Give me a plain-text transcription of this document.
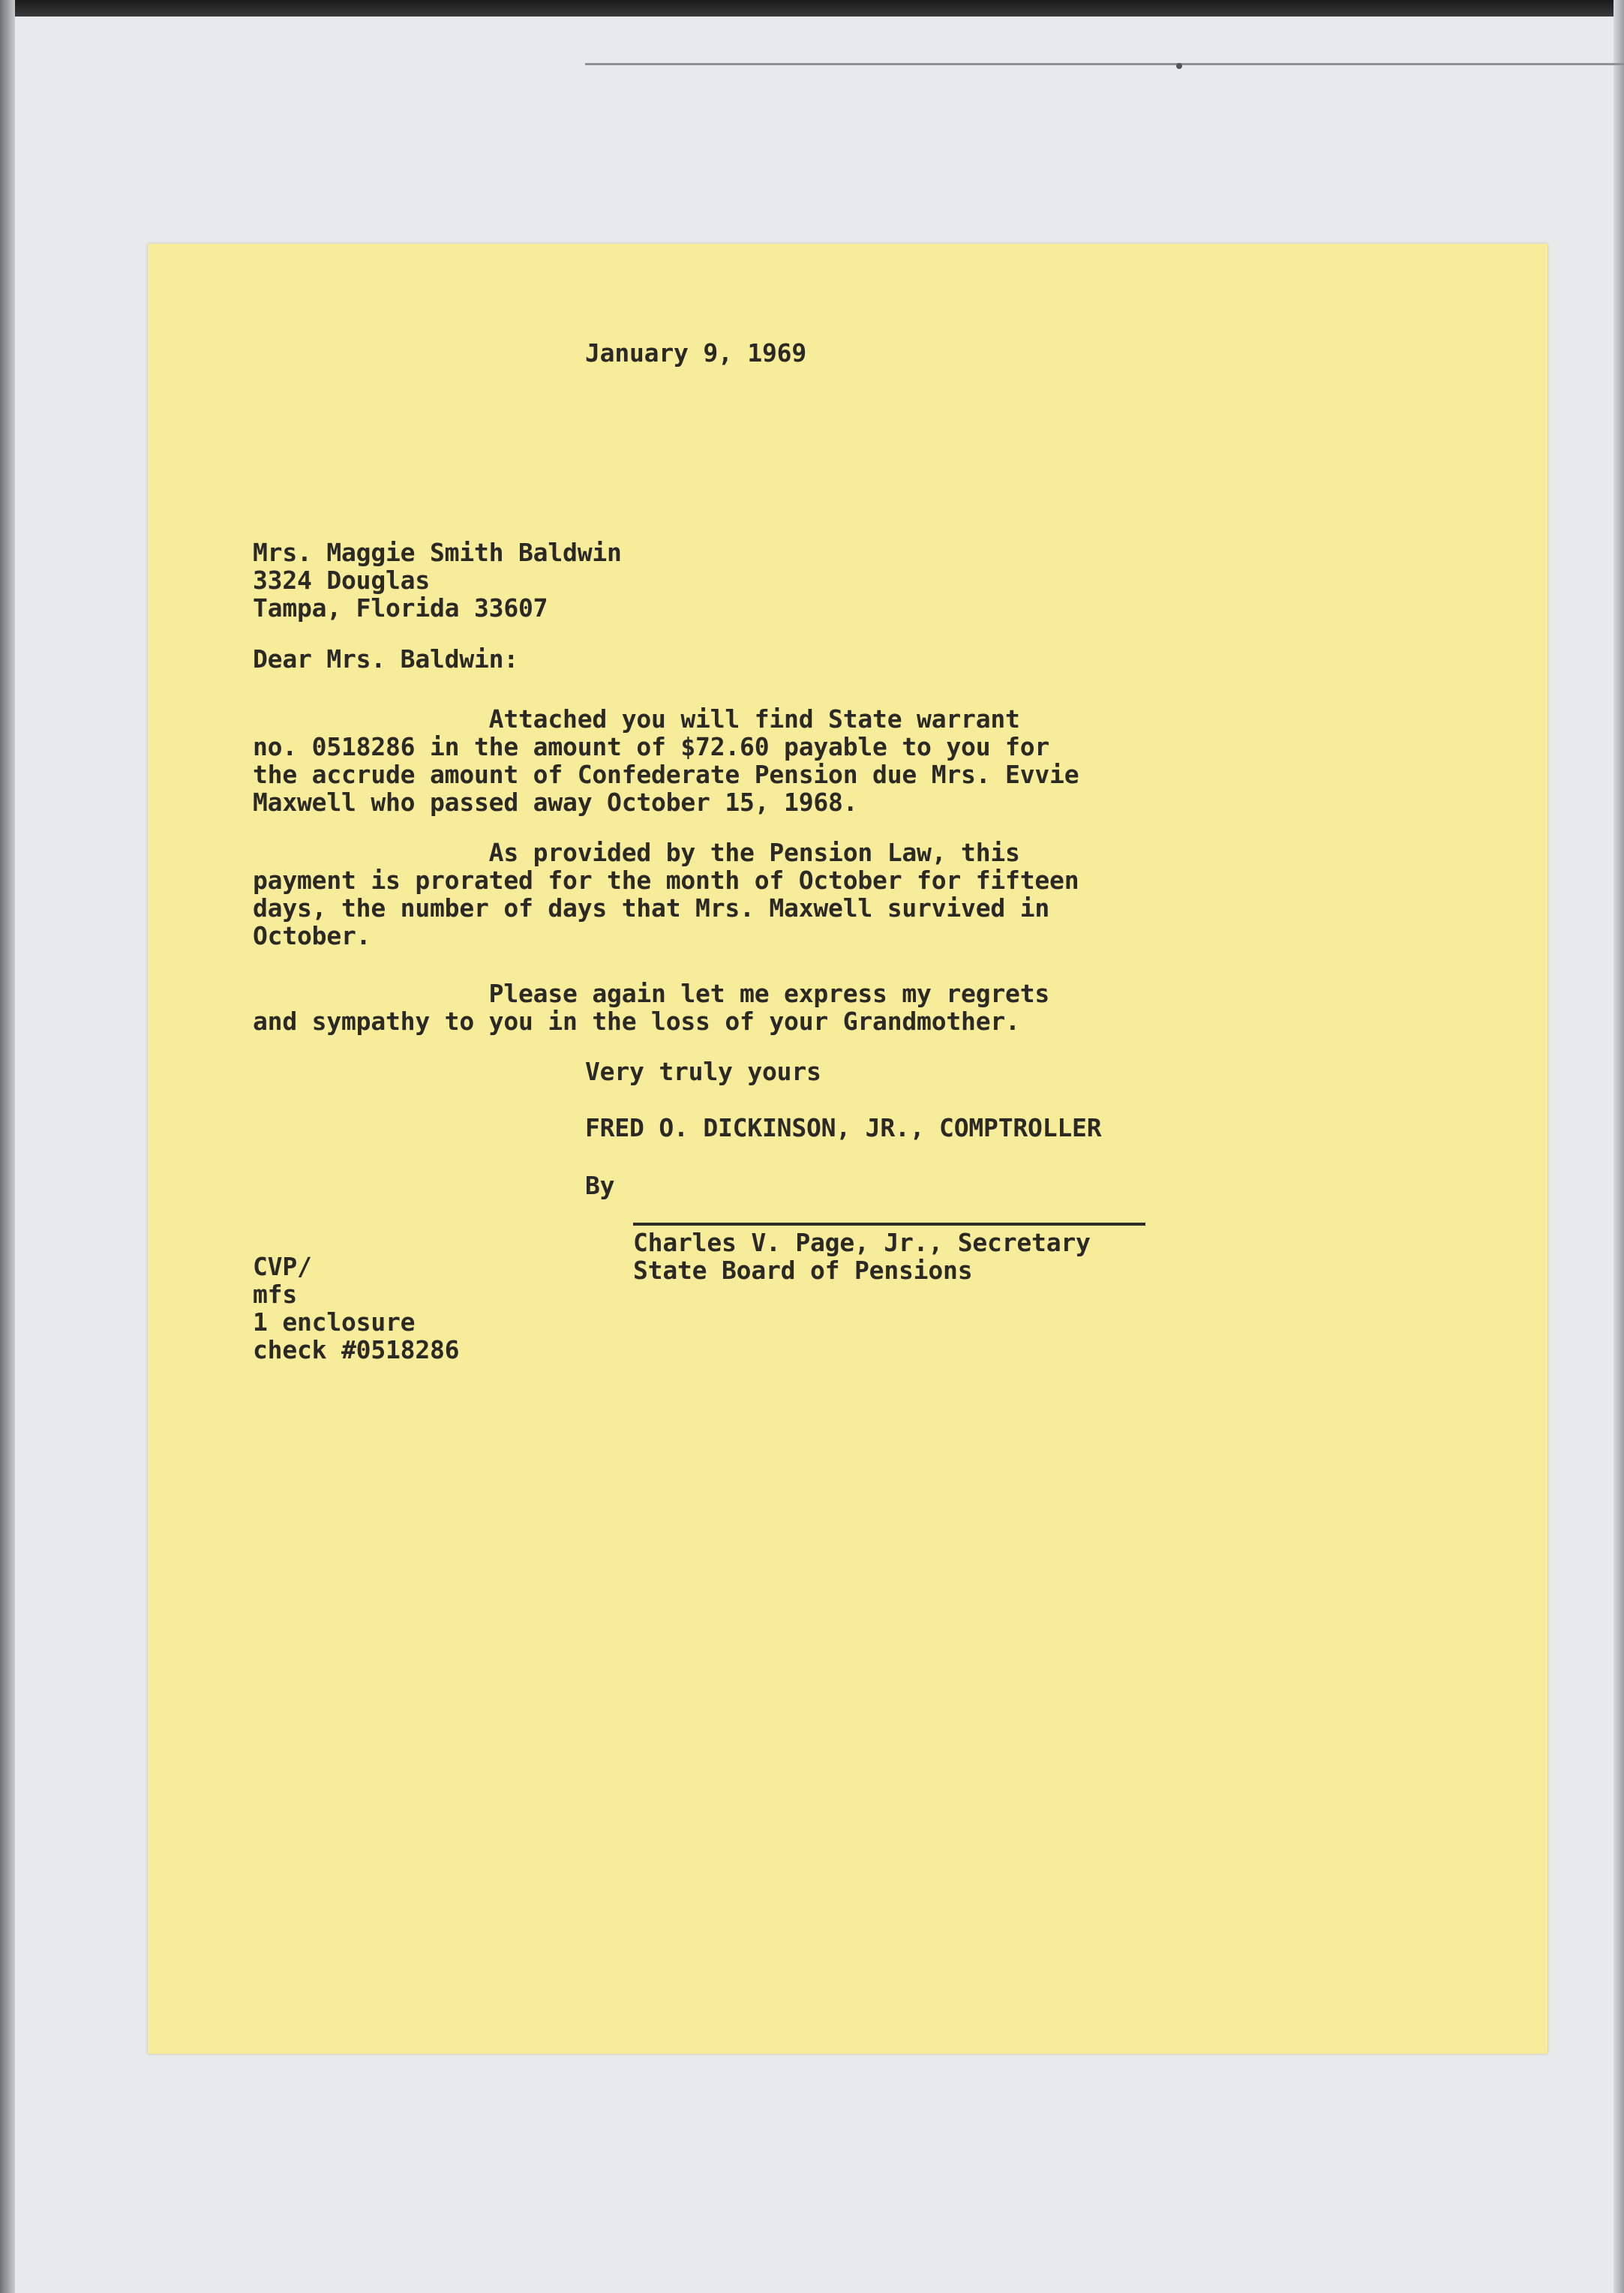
January 9, 1969
Mrs. Maggie Smith Baldwin
3324 Douglas
Tampa, Florida 33607
Dear Mrs. Baldwin:
Attached you will find State warrant
no. 0518286 in the amount of $72.60 payable to you for
the accrude amount of Confederate Pension due Mrs. Evvie
Maxwell who passed away October 15, 1968.
As provided by the Pension Law, this
payment is prorated for the month of October for fifteen
days, the number of days that Mrs. Maxwell survived in
October.
Please again let me express my regrets
and sympathy to you in the loss of your Grandmother.
Very truly yours
FRED O. DICKINSON, JR., COMPTROLLER
By
Charles V. Page, Jr., Secretary
State Board of Pensions
CVP/
mfs
1 enclosure
check #0518286
